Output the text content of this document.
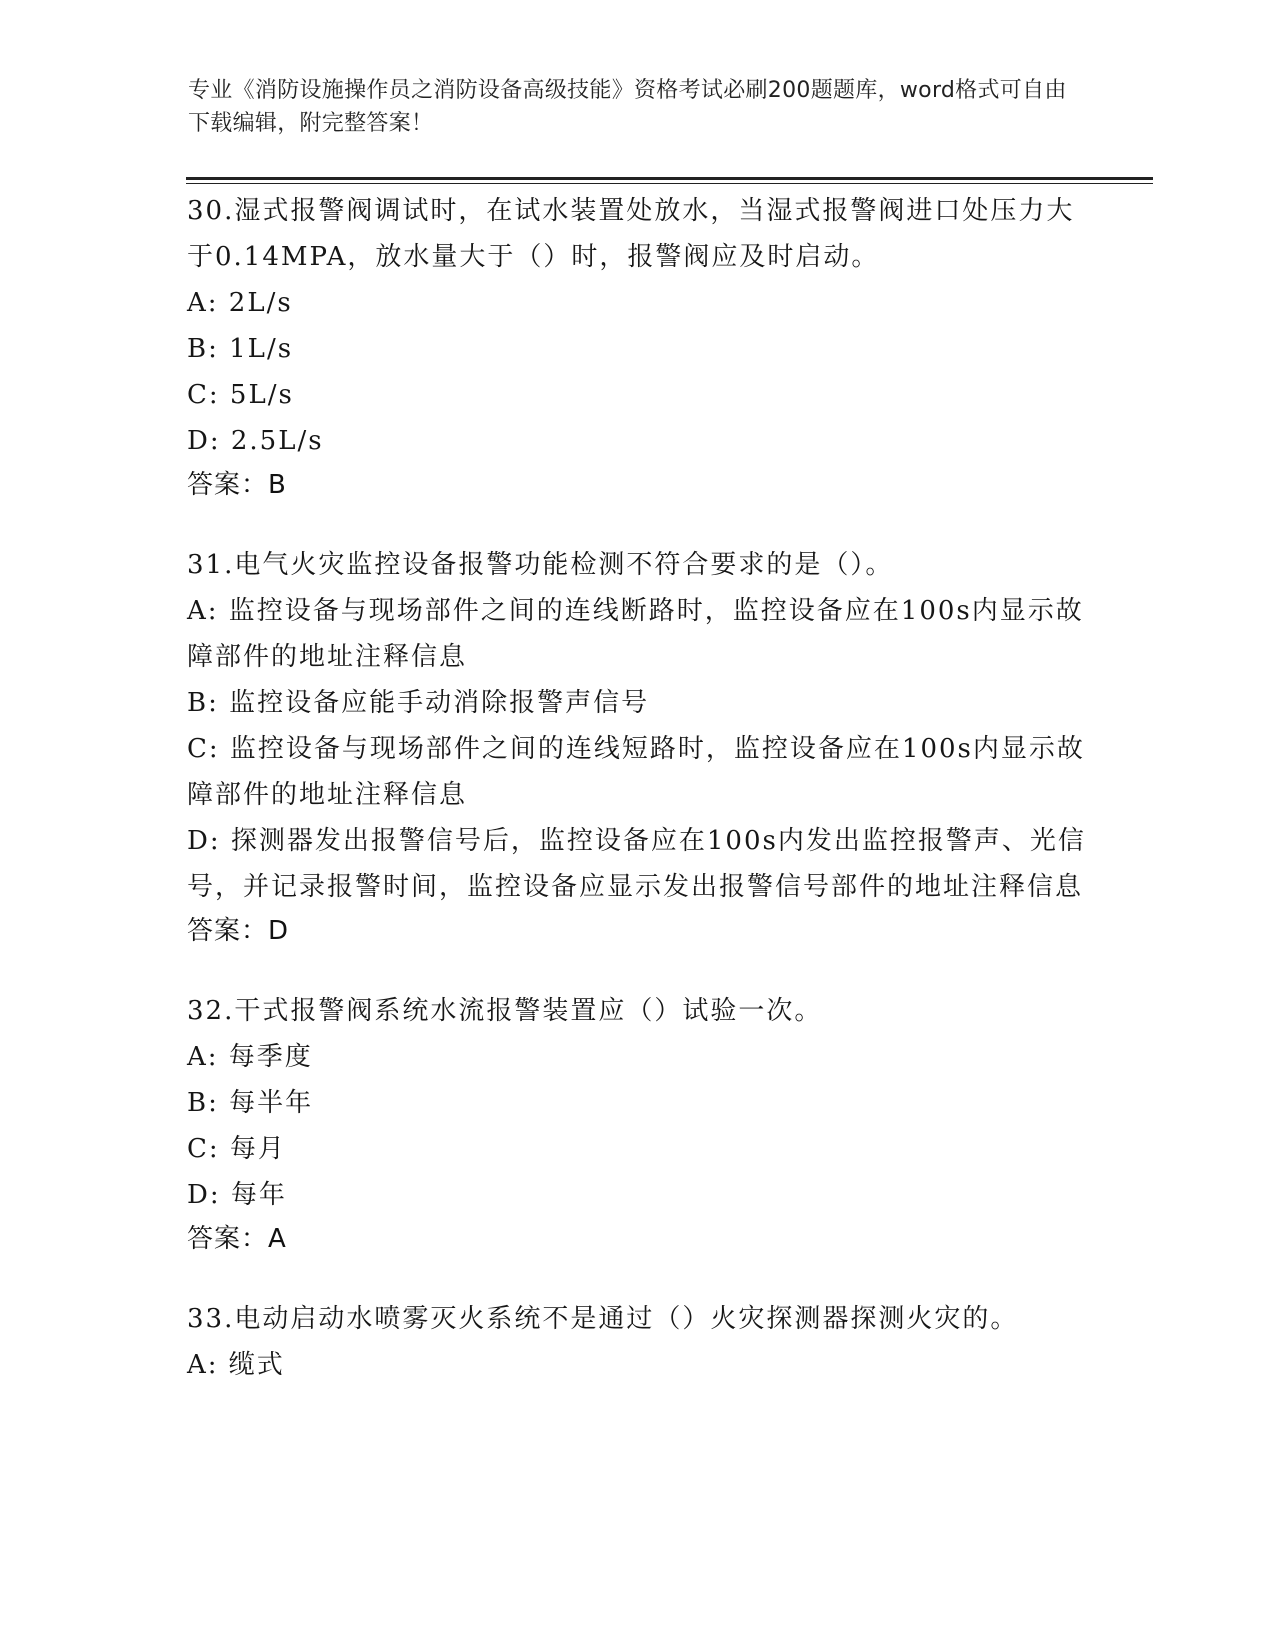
专业《消防设施操作员之消防设备高级技能》资格考试必刷200题题库，word格式可自由下载编辑，附完整答案！
30.湿式报警阀调试时，在试水装置处放水，当湿式报警阀进口处压力大于0.14MPA，放水量大于（）时，报警阀应及时启动。
A: 2L/s
B: 1L/s
C: 5L/s
D: 2.5L/s
答案：B
31.电气火灾监控设备报警功能检测不符合要求的是（）。
A: 监控设备与现场部件之间的连线断路时，监控设备应在100s内显示故障部件的地址注释信息
B: 监控设备应能手动消除报警声信号
C: 监控设备与现场部件之间的连线短路时，监控设备应在100s内显示故障部件的地址注释信息
D: 探测器发出报警信号后，监控设备应在100s内发出监控报警声、光信号，并记录报警时间，监控设备应显示发出报警信号部件的地址注释信息
答案：D
32.干式报警阀系统水流报警装置应（）试验一次。
A: 每季度
B: 每半年
C: 每月
D: 每年
答案：A
33.电动启动水喷雾灭火系统不是通过（）火灾探测器探测火灾的。
A: 缆式
